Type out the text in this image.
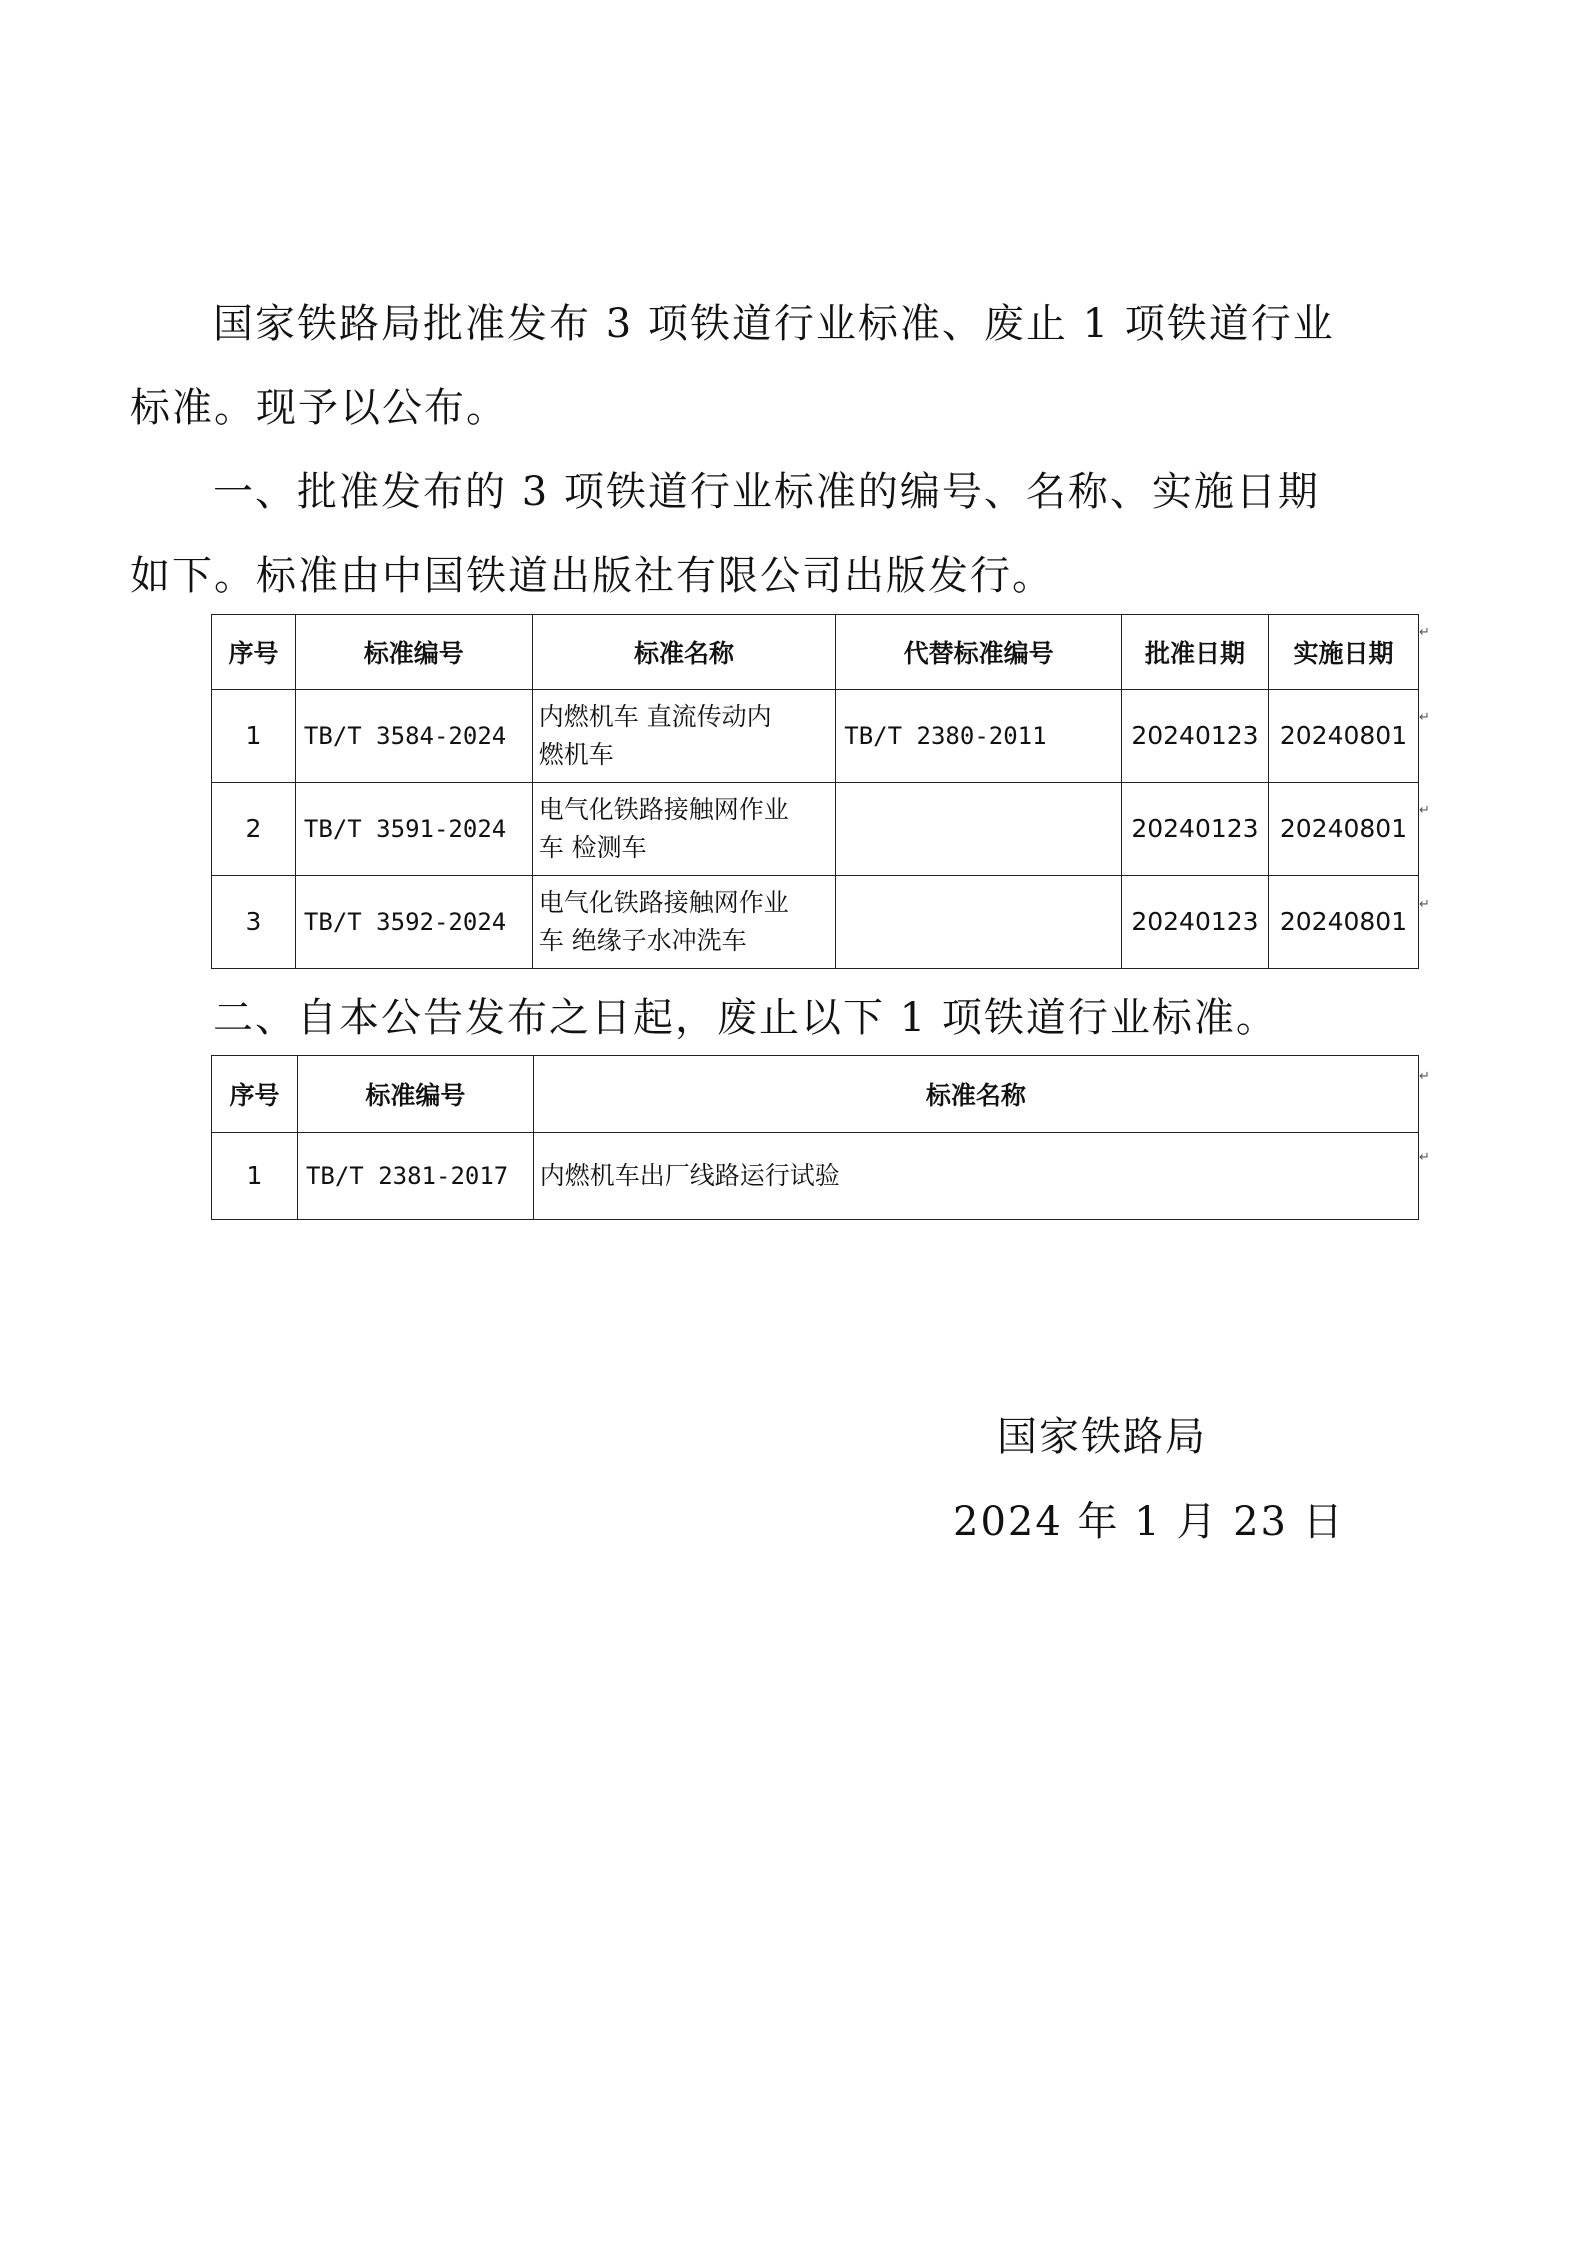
国家铁路局批准发布 3 项铁道行业标准、废止 1 项铁道行业
标准。现予以公布。

一、批准发布的 3 项铁道行业标准的编号、名称、实施日期
如下。标准由中国铁道出版社有限公司出版发行。

序号	标准编号	标准名称	代替标准编号	批准日期	实施日期
1	TB/T 3584-2024	内燃机车 直流传动内
燃机车	TB/T 2380-2011	20240123	20240801
2	TB/T 3591-2024	电气化铁路接触网作业
车 检测车		20240123	20240801
3	TB/T 3592-2024	电气化铁路接触网作业
车 绝缘子水冲洗车		20240123	20240801
↵
↵
↵
↵

二、自本公告发布之日起，废止以下 1 项铁道行业标准。

序号	标准编号	标准名称
1	TB/T 2381-2017	内燃机车出厂线路运行试验
↵
↵
国家铁路局
2024 年 1 月 23 日
